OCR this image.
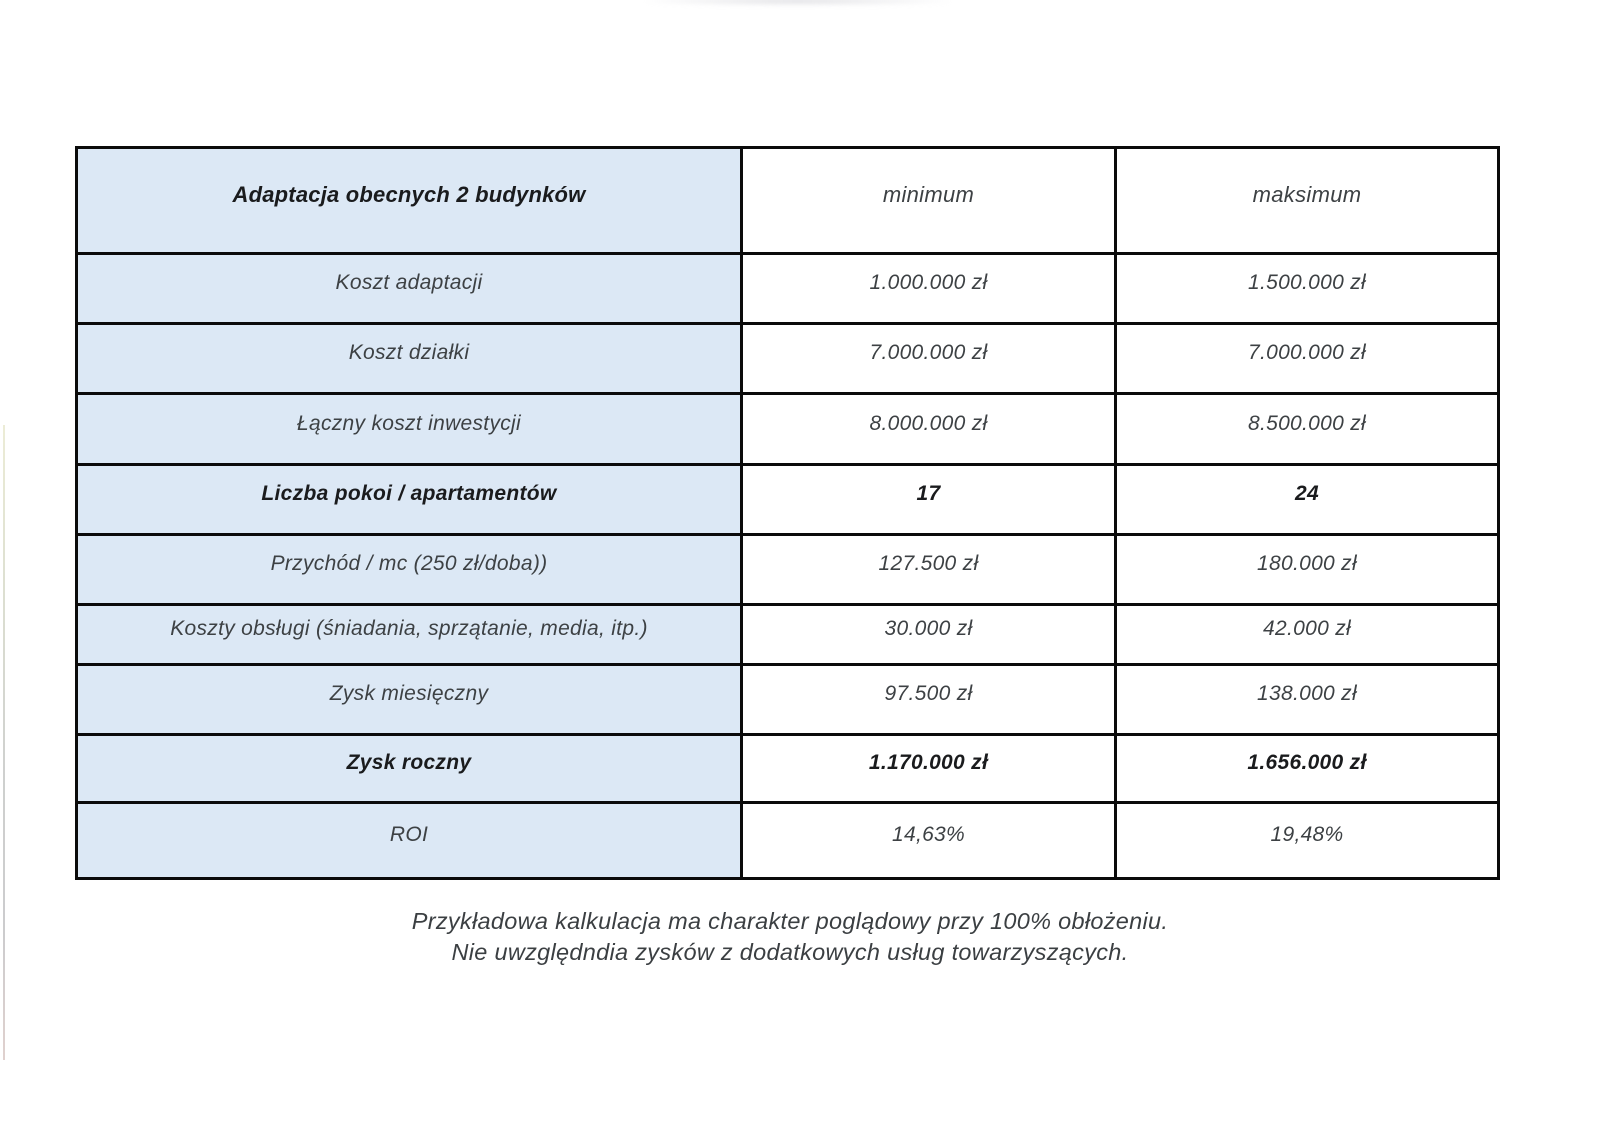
Adaptacja obecnych 2 budynków	minimum	maksimum
Koszt adaptacji	1.000.000 zł	1.500.000 zł
Koszt działki	7.000.000 zł	7.000.000 zł
Łączny koszt inwestycji	8.000.000 zł	8.500.000 zł
Liczba pokoi / apartamentów	17	24
Przychód / mc (250 zł/doba))	127.500 zł	180.000 zł
Koszty obsługi (śniadania, sprzątanie, media, itp.)	30.000 zł	42.000 zł
Zysk miesięczny	97.500 zł	138.000 zł
Zysk roczny	1.170.000 zł	1.656.000 zł
ROI	14,63%	19,48%
Przykładowa kalkulacja ma charakter poglądowy przy 100% obłożeniu.
Nie uwzględndia zysków z dodatkowych usług towarzyszących.
